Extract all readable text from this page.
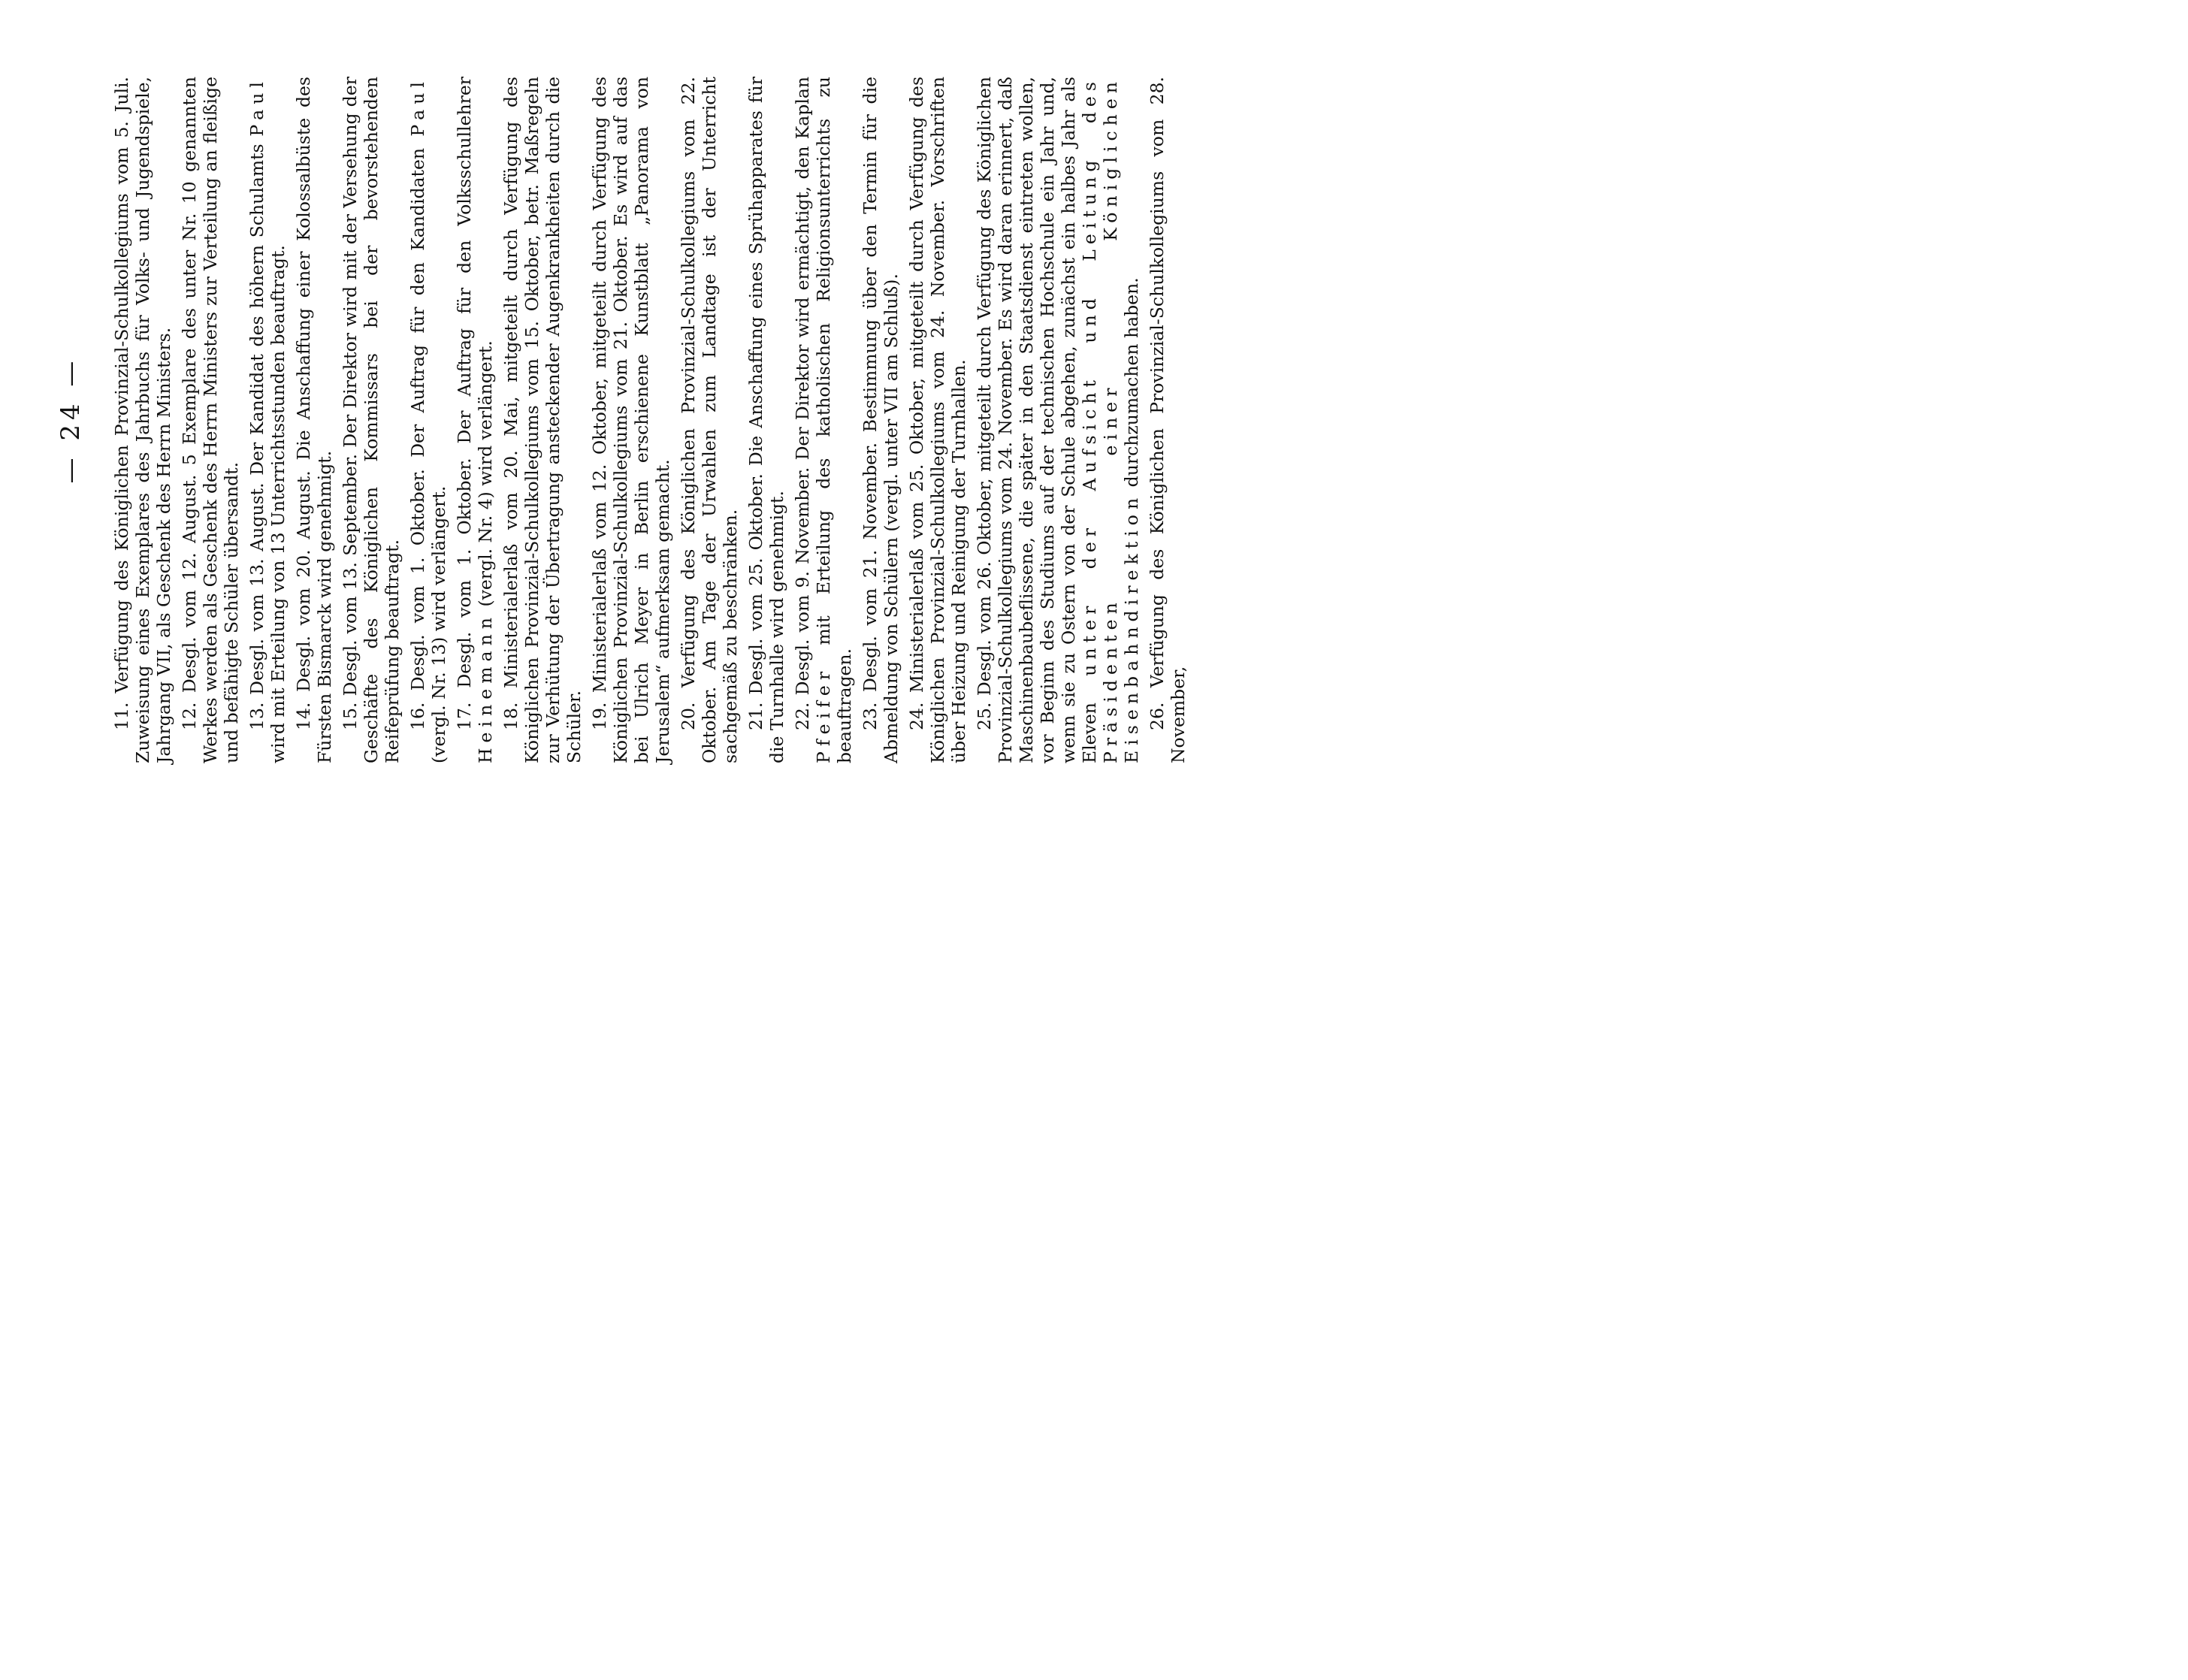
— 24 — 11. Verfügung des Königlichen Provinzial-Schulkollegiums vom 5. Juli. Zuweisung eines Exemplares des Jahrbuchs für Volks- und Jugendspiele, Jahrgang VII, als Geschenk des Herrn Ministers. 12. Desgl. vom 12. August. 5 Exemplare des unter Nr. 10 genannten Werkes werden als Geschenk des Herrn Ministers zur Verteilung an fleißige und befähigte Schüler übersandt. 13. Desgl. vom 13. August. Der Kandidat des höhern Schulamts Paul wird mit Erteilung von 13 Unterrichtsstunden beauftragt. 14. Desgl. vom 20. August. Die Anschaffung einer Kolossalbüste des Fürsten Bismarck wird genehmigt. 15. Desgl. vom 13. September. Der Direktor wird mit der Versehung der Geschäfte des Königlichen Kommissars bei der bevorstehenden Reifeprüfung beauftragt. 16. Desgl. vom 1. Oktober. Der Auftrag für den Kandidaten Paul (vergl. Nr. 13) wird verlängert. 17. Desgl. vom 1. Oktober. Der Auftrag für den Volksschullehrer Heinemann (vergl. Nr. 4) wird verlängert. 18. Ministerialerlaß vom 20. Mai, mitgeteilt durch Verfügung des Königlichen Provinzial-Schulkollegiums vom 15. Oktober, betr. Maßregeln zur Verhütung der Übertragung ansteckender Augenkrankheiten durch die Schüler. 19. Ministerialerlaß vom 12. Oktober, mitgeteilt durch Verfügung des Königlichen Provinzial-Schulkollegiums vom 21. Oktober. Es wird auf das bei Ulrich Meyer in Berlin erschienene Kunstblatt „Panorama von Jerusalem“ aufmerksam gemacht. 20. Verfügung des Königlichen Provinzial-Schulkollegiums vom 22. Oktober. Am Tage der Urwahlen zum Landtage ist der Unterricht sachgemäß zu beschränken. 21. Desgl. vom 25. Oktober. Die Anschaffung eines Sprühapparates für die Turnhalle wird genehmigt. 22. Desgl. vom 9. November. Der Direktor wird ermächtigt, den Kaplan Pfeifer mit Erteilung des katholischen Religionsunterrichts zu beauftragen. 23. Desgl. vom 21. November. Bestimmung über den Termin für die Abmeldung von Schülern (vergl. unter VII am Schluß). 24. Ministerialerlaß vom 25. Oktober, mitgeteilt durch Verfügung des Königlichen Provinzial-Schulkollegiums vom 24. November. Vorschriften über Heizung und Reinigung der Turnhallen. 25. Desgl. vom 26. Oktober, mitgeteilt durch Verfügung des Königlichen Provinzial-Schulkollegiums vom 24. November. Es wird daran erinnert, daß Maschinenbaubeflissene, die später in den Staatsdienst eintreten wollen, vor Beginn des Studiums auf der technischen Hochschule ein Jahr und, wenn sie zu Ostern von der Schule abgehen, zunächst ein halbes Jahr als Eleven unter der Aufsicht und Leitung des Präsidenten einer Königlichen Eisenbahndirektion durchzumachen haben. 26. Verfügung des Königlichen Provinzial-Schulkollegiums vom 28. November,
